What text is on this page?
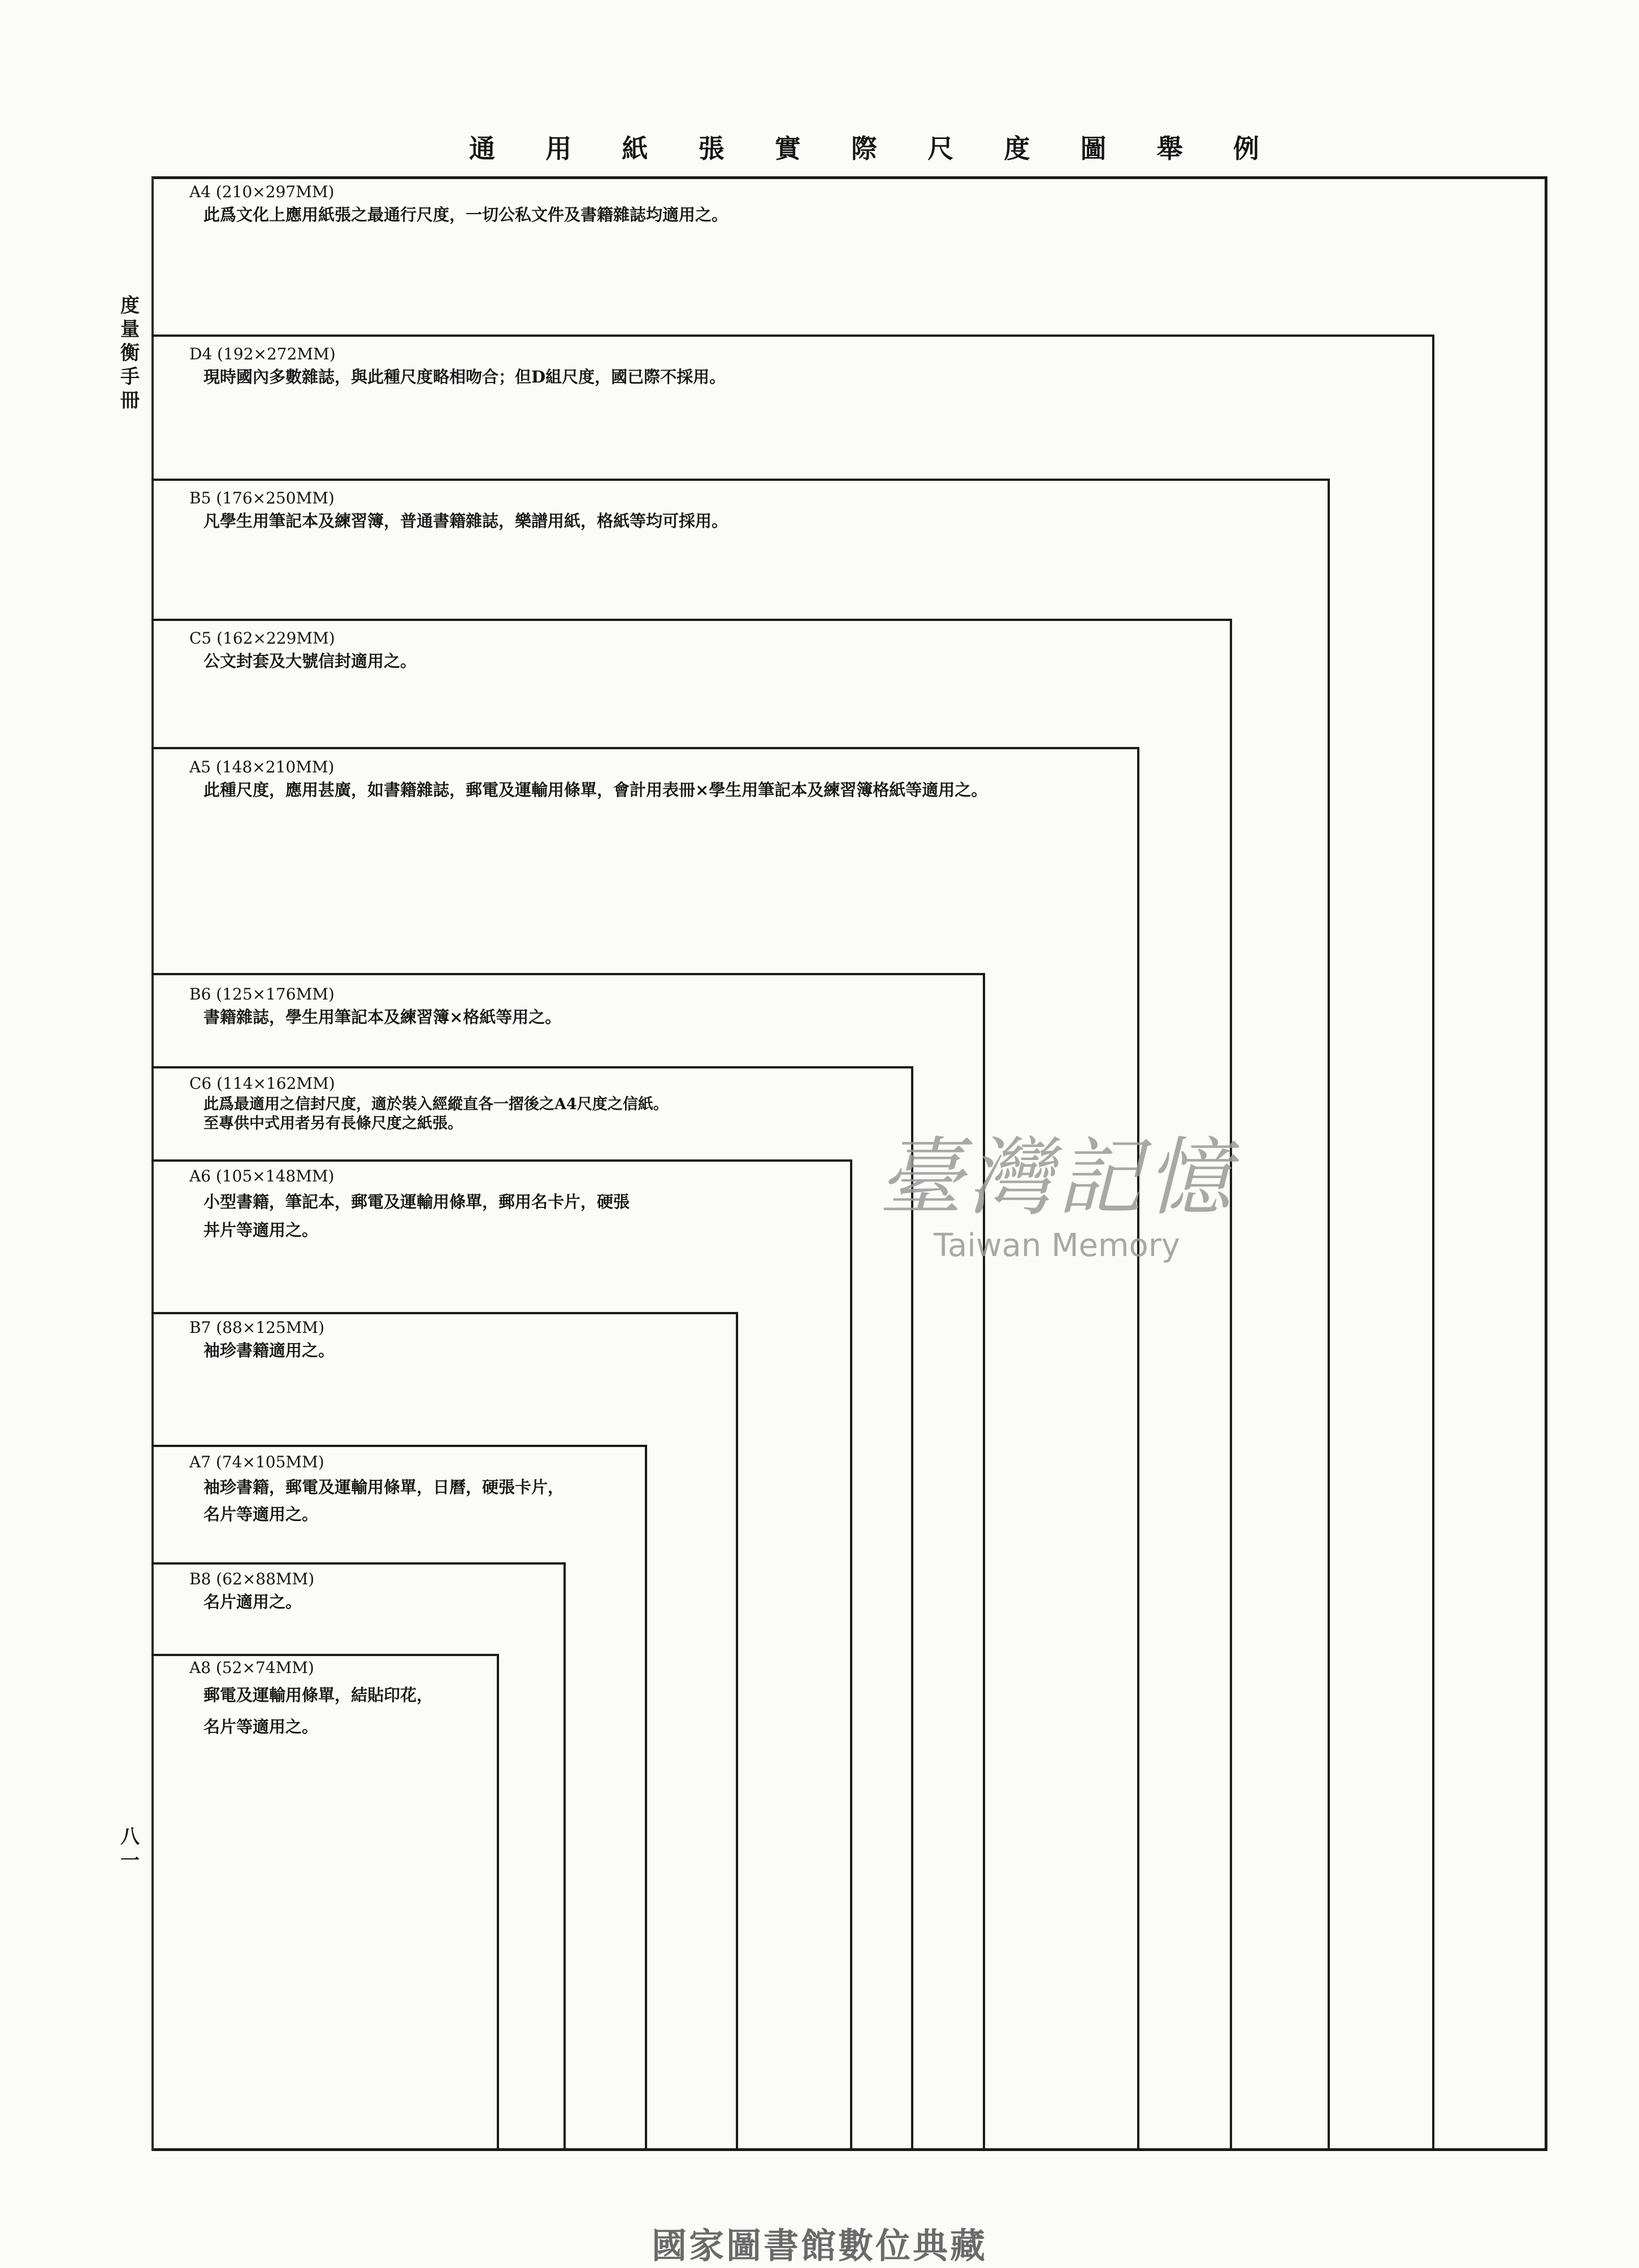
通 用 紙 張 實 際 尺 度 圖 舉 例
度
量
衡
手
冊
八
一
A4 (210×297MM)
此爲文化上應用紙張之最通行尺度，一切公私文件及書籍雜誌均適用之。
D4 (192×272MM)
現時國內多數雜誌，與此種尺度略相吻合；但D組尺度，國已際不採用。
B5 (176×250MM)
凡學生用筆記本及練習簿，普通書籍雜誌，樂譜用紙，格紙等均可採用。
C5 (162×229MM)
公文封套及大號信封適用之。
A5 (148×210MM)
此種尺度，應用甚廣，如書籍雜誌，郵電及運輸用條單，會計用表冊×學生用筆記本及練習簿格紙等適用之。
B6 (125×176MM)
書籍雜誌，學生用筆記本及練習簿×格紙等用之。
C6 (114×162MM)
此爲最適用之信封尺度，適於裝入經縱直各一摺後之A4尺度之信紙。
至專供中式用者另有長條尺度之紙張。
A6 (105×148MM)
小型書籍，筆記本，郵電及運輸用條單，郵用名卡片，硬張
丼片等適用之。
B7 (88×125MM)
袖珍書籍適用之。
A7 (74×105MM)
袖珍書籍，郵電及運輸用條單，日曆，硬張卡片，
名片等適用之。
B8 (62×88MM)
名片適用之。
A8 (52×74MM)
郵電及運輸用條單，結貼印花，
名片等適用之。
臺灣記憶
Taiwan Memory
國家圖書館數位典藏
